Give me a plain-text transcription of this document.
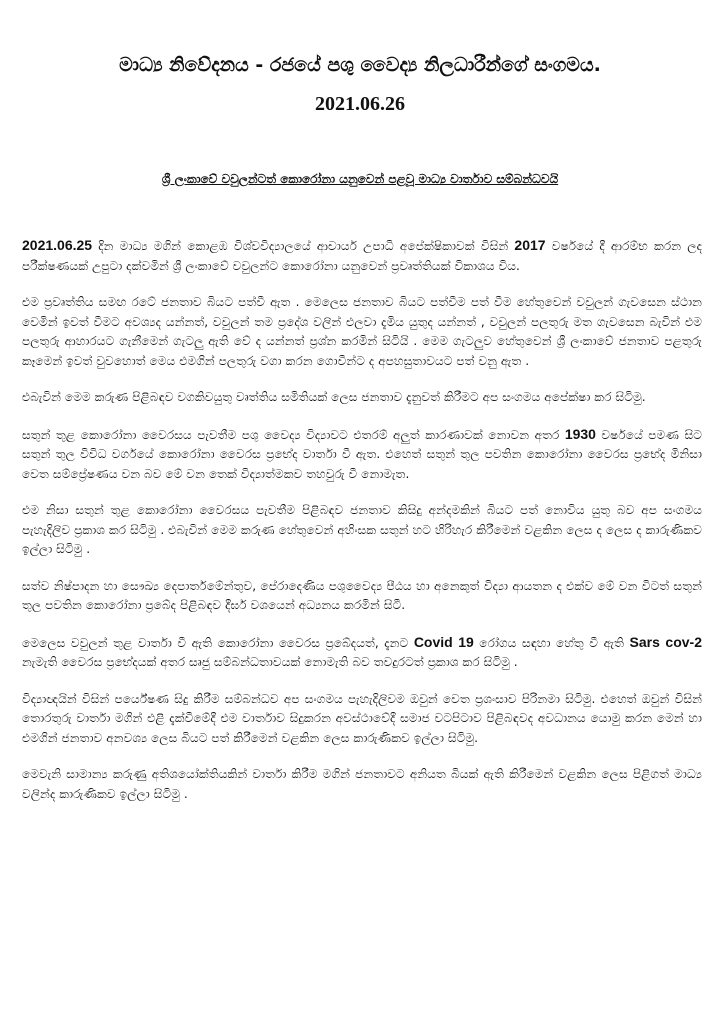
මාධ්‍ය නිවේදනය - රජයේ පශු වෛද්‍ය නිලධාරීන්ගේ සංගමය.
2021.06.26
ශ්‍රී ලංකාවේ වවුලන්ටත් කොරෝනා යනුවෙන් පළවූ මාධ්‍ය වාර්තාව සම්බන්ධවයි

2021.06.25 දින මාධ්‍ය මගින් කොළඹ විශ්වවිද්‍යාලයේ ආචාර්ය උපාධි අපේක්ෂිකාවක් විසින් 2017 වර්ෂයේ දී ආරම්භ කරන ලද පරීක්ෂණයක් උපුටා දක්වමින් ශ්‍රී ලංකාවේ වවුලන්ට කොරෝනා යනුවෙන් ප්‍රවෘත්තියක් විකාශය විය.

එම ප්‍රවෘත්තිය සමඟ රටේ ජනතාව බියට පත්වී ඇත . මෙලෙස ජනතාව බියට පත්වීම පත් වීම හේතුවෙන් වවුලන් ගැවසෙන ස්ථාන වෙමින් ඉවත් වීමට අවශ්‍යද යන්නත්, වවුලන් තම ප්‍රදේශ වලින් එලවා දැමිය යුතුද යන්නත් , වවුලන් පලතුරු මත ගැවසෙන බැවින් එම පලතුරු ආහාරයට ගැනීමෙන් ගැටලු ඇති වේ ද යන්නත් ප්‍රශ්න කරමින් සිටියි . මෙම ගැටලුව හේතුවෙන් ශ්‍රී ලංකාවේ ජනතාව පළතුරු කෑමෙන් ඉවත් වුවහොත් මෙය එමගින් පලතුරු වගා කරන ගොවීන්ට ද අපහසුතාවයට පත් වනු ඇත .

එබැවින් මෙම කරුණ පිළිබඳව වගකිවයුතු වෘත්තිය සමිතියක් ලෙස ජනතාව දැනුවත් කිරීමට අප සංගමය අපේක්ෂා කර සිටිමු.

සතුන් තුළ කොරෝනා වෛරසය පැවතීම පශු වෛද්‍ය විද්‍යාවට එතරම් අලුත් කාරණාවක් නොවන අතර 1930 වර්ෂයේ පමණ සිට සතුන් තුල විවිධ වර්ගයේ කොරෝනා වෛරස ප්‍රභේද වාර්තා වී ඇත. එහෙත් සතුන් තුල පවතින කොරෝනා වෛරස ප්‍රභේද මිනිසා වෙත සම්ප්‍රේෂණය වන බව මේ වන තෙක් විද්‍යාත්මකව තහවුරු වී නොමැත.

එම නිසා සතුන් තුළ කොරෝනා වෛරසය පැවතීම පිළිබඳව ජනතාව කිසිදු අන්දමකින් බියට පත් නොවිය යුතු බව අප සංගමය පැහැදිලිව ප්‍රකාශ කර සිටිමු . එබැවින් මෙම කරුණ හේතුවෙන් අහිංසක සතුන් හට හිරිහැර කිරීමෙන් වළකින ලෙස ද ලෙස ද කාරුණිකව ඉල්ලා සිටිමු .

සත්ව නිෂ්පාදන හා සෞඛ්‍ය දෙපාර්තමේන්තුව, පේරාදෙණිය පශුවෛද්‍ය පීඨය හා අනෙකුත් විද්‍යා ආයතන ද එක්ව මේ වන විටත් සතුන් තුල පවතින කොරෝනා ප්‍රබේද පිළිබඳව දීර්ඝ වශයෙන් අධ්‍යනය කරමින් සිටී.

මෙලෙස වවුලන් තුළ වාර්තා වී ඇති කොරෝනා වෛරස ප්‍රබේදයත්, දැනට Covid 19 රෝගය සඳහා හේතු වී ඇති Sars cov-2 නැමැති වෛරස ප්‍රභේදයක් අතර සෘජු සම්බන්ධතාවයක් නොමැති බව තවදුරටත් ප්‍රකාශ කර සිටිමු .

විද්‍යාඥයින් විසින් පර්යේෂණ සිදු කිරීම සම්බන්ධව අප සංගමය පැහැදිලිවම ඔවුන් වෙත ප්‍රශංසාව පිරිනමා සිටිමු. එහෙත් ඔවුන් විසින් තොරතුරු වාර්තා මගින් එළි දැක්වීමේදී එම වාර්තාව සිදුකරන අවස්ථාවේදී සමාජ වටපිටාව පිළිබඳවද අවධානය යොමු කරන මෙන් හා එමගින් ජනතාව අනවශ්‍ය ලෙස බියට පත් කිරීමෙන් වළකින ලෙස කාරුණිකව ඉල්ලා සිටිමු.

මෙවැනි සාමාන්‍ය කරුණු අතිශයෝක්තියකින් වාර්තා කිරීම මගින් ජනතාවට අනියත බියක් ඇති කිරීමෙන් වළකින ලෙස පිළිගත් මාධ්‍ය වලින්ද කාරුණිකව ඉල්ලා සිටිමු .
